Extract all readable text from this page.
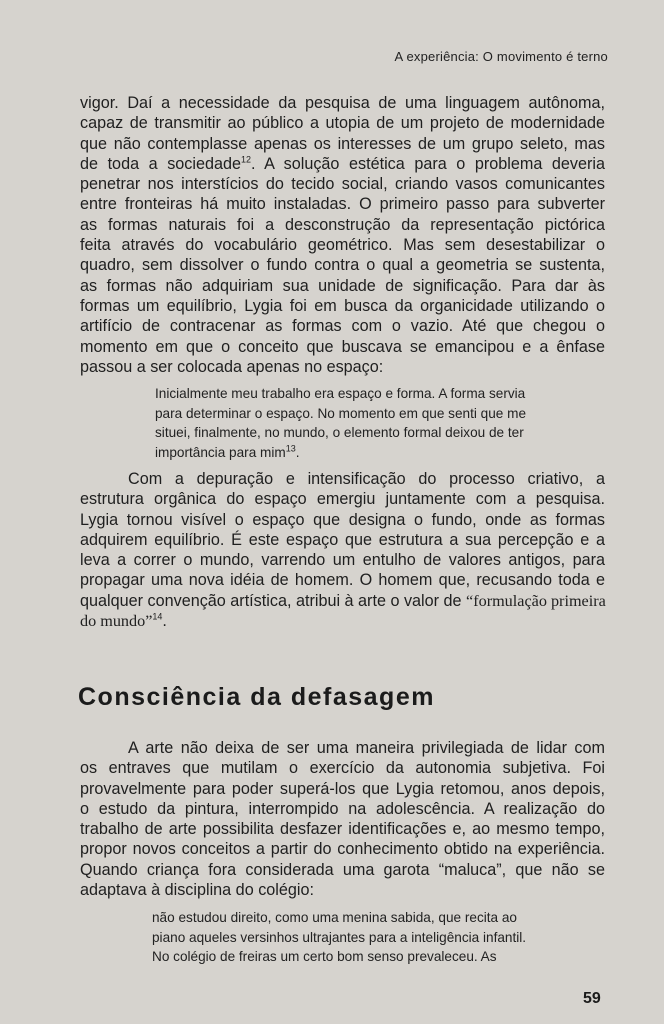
A experiência: O movimento é terno
vigor. Daí a necessidade da pesquisa de uma linguagem autônoma,
capaz de transmitir ao público a utopia de um projeto de modernidade
que não contemplasse apenas os interesses de um grupo seleto, mas
de toda a sociedade$^{12}$. A solução estética para o problema deveria
penetrar nos interstícios do tecido social, criando vasos comunicantes
entre fronteiras há muito instaladas. O primeiro passo para subverter
as formas naturais foi a desconstrução da representação pictórica
feita através do vocabulário geométrico. Mas sem desestabilizar o
quadro, sem dissolver o fundo contra o qual a geometria se sustenta,
as formas não adquiriam sua unidade de significação. Para dar às
formas um equilíbrio, Lygia foi em busca da organicidade utilizando o
artifício de contracenar as formas com o vazio. Até que chegou o
momento em que o conceito que buscava se emancipou e a ênfase
passou a ser colocada apenas no espaço:
Inicialmente meu trabalho era espaço e forma. A forma servia
para determinar o espaço. No momento em que senti que me
situei, finalmente, no mundo, o elemento formal deixou de ter
importância para mim$^{13}$.
Com a depuração e intensificação do processo criativo, a
estrutura orgânica do espaço emergiu juntamente com a pesquisa.
Lygia tornou visível o espaço que designa o fundo, onde as formas
adquirem equilíbrio. É este espaço que estrutura a sua percepção e a
leva a correr o mundo, varrendo um entulho de valores antigos, para
propagar uma nova idéia de homem. O homem que, recusando toda e
qualquer convenção artística, atribui à arte o valor de “formulação primeira
do mundo”$^{14}$.
Consciência da defasagem
A arte não deixa de ser uma maneira privilegiada de lidar com
os entraves que mutilam o exercício da autonomia subjetiva. Foi
provavelmente para poder superá-los que Lygia retomou, anos depois,
o estudo da pintura, interrompido na adolescência. A realização do
trabalho de arte possibilita desfazer identificações e, ao mesmo tempo,
propor novos conceitos a partir do conhecimento obtido na experiência.
Quando criança fora considerada uma garota “maluca”, que não se
adaptava à disciplina do colégio:
não estudou direito, como uma menina sabida, que recita ao
piano aqueles versinhos ultrajantes para a inteligência infantil.
No colégio de freiras um certo bom senso prevaleceu. As
59
